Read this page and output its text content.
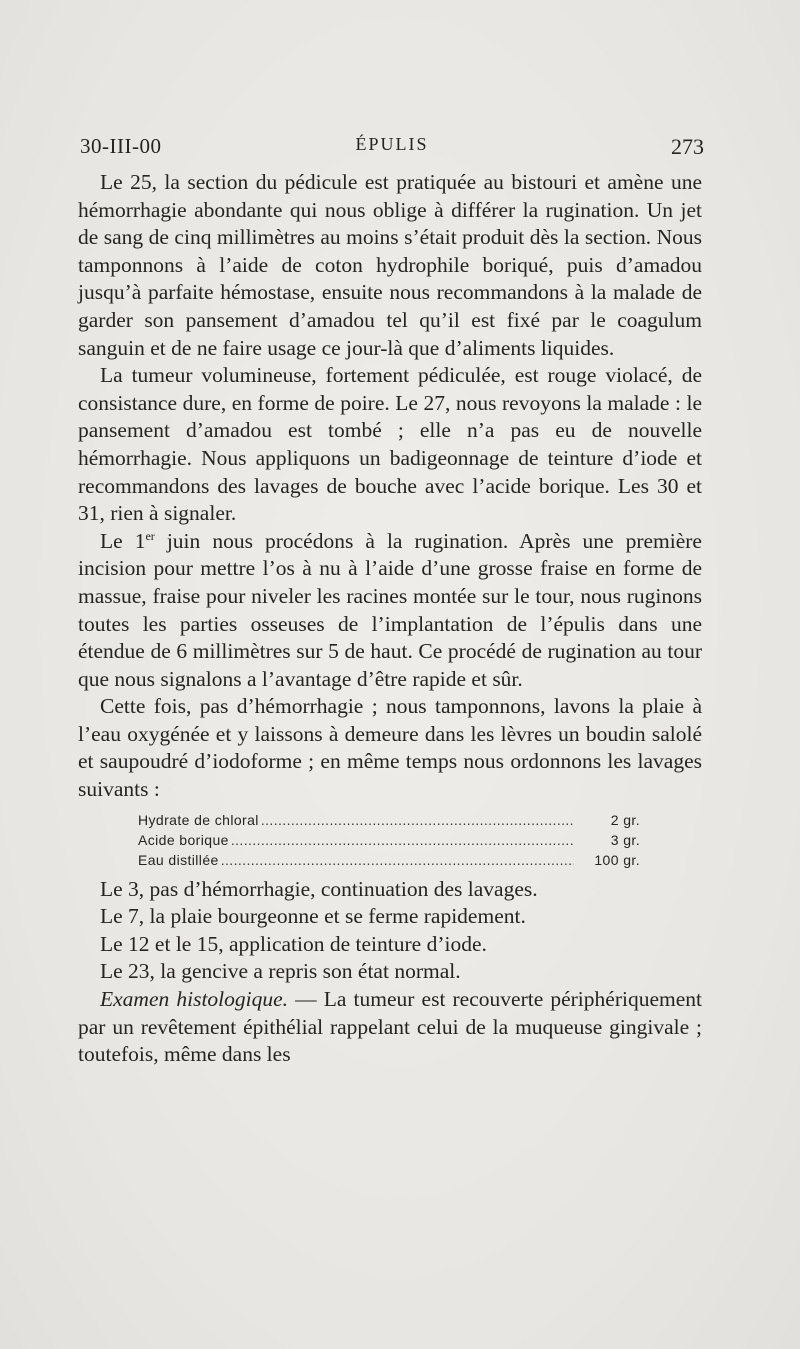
30-III-00	ÉPULIS	273

Le 25, la section du pédicule est pratiquée au bistouri et amène une hémorrhagie abondante qui nous oblige à différer la rugination. Un jet de sang de cinq millimètres au moins s’était produit dès la section. Nous tamponnons à l’aide de coton hydrophile boriqué, puis d’amadou jusqu’à parfaite hémostase, ensuite nous recommandons à la malade de garder son pansement d’amadou tel qu’il est fixé par le coagulum sanguin et de ne faire usage ce jour-là que d’aliments liquides.

La tumeur volumineuse, fortement pédiculée, est rouge violacé, de consistance dure, en forme de poire. Le 27, nous revoyons la malade : le pansement d’amadou est tombé ; elle n’a pas eu de nouvelle hémorrhagie. Nous appliquons un badigeonnage de teinture d’iode et recommandons des lavages de bouche avec l’acide borique. Les 30 et 31, rien à signaler.

Le 1er juin nous procédons à la rugination. Après une première incision pour mettre l’os à nu à l’aide d’une grosse fraise en forme de massue, fraise pour niveler les racines montée sur le tour, nous ruginons toutes les parties osseuses de l’implantation de l’épulis dans une étendue de 6 millimètres sur 5 de haut. Ce procédé de rugination au tour que nous signalons a l’avantage d’être rapide et sûr.

Cette fois, pas d’hémorrhagie ; nous tamponnons, lavons la plaie à l’eau oxygénée et y laissons à demeure dans les lèvres un boudin salolé et saupoudré d’iodoforme ; en même temps nous ordonnons les lavages suivants :

Hydrate de chloral .....	2 gr.
Acide borique .....	3 gr.
Eau distillée .....	100 gr.

Le 3, pas d’hémorrhagie, continuation des lavages.

Le 7, la plaie bourgeonne et se ferme rapidement.

Le 12 et le 15, application de teinture d’iode.

Le 23, la gencive a repris son état normal.

Examen histologique. — La tumeur est recouverte périphériquement par un revêtement épithélial rappelant celui de la muqueuse gingivale ; toutefois, même dans les
